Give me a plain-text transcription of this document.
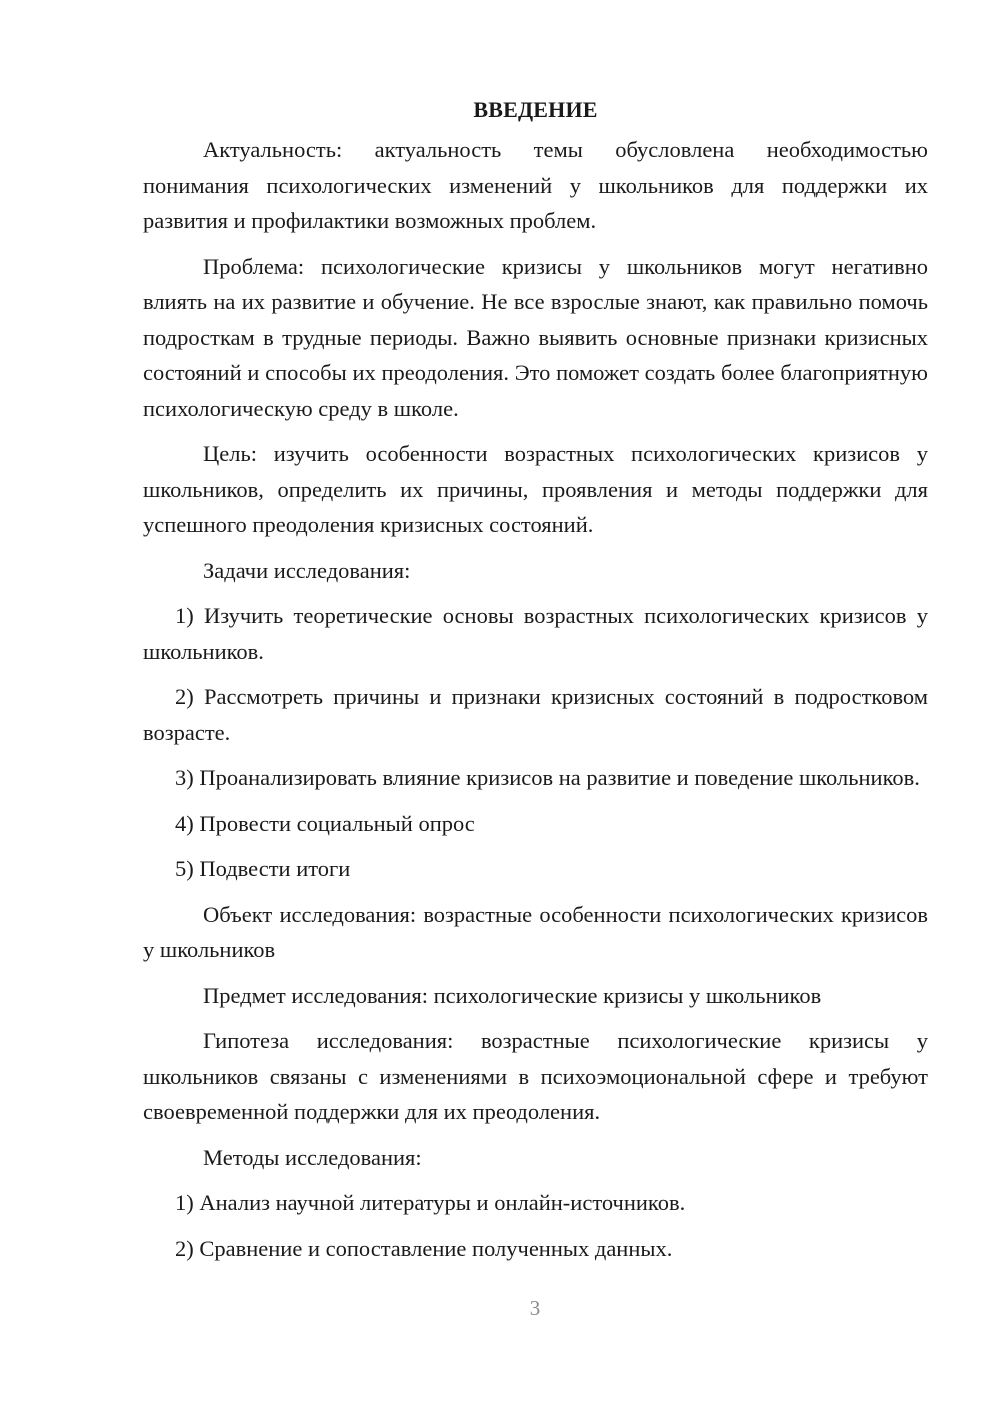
ВВЕДЕНИЕ

Актуальность: актуальность темы обусловлена необходимостью понимания психологических изменений у школьников для поддержки их развития и профилактики возможных проблем.

Проблема: психологические кризисы у школьников могут негативно влиять на их развитие и обучение. Не все взрослые знают, как правильно помочь подросткам в трудные периоды. Важно выявить основные признаки кризисных состояний и способы их преодоления. Это поможет создать более благоприятную психологическую среду в школе.

Цель: изучить особенности возрастных психологических кризисов у школьников, определить их причины, проявления и методы поддержки для успешного преодоления кризисных состояний.

Задачи исследования:

1) Изучить теоретические основы возрастных психологических кризисов у школьников.

2) Рассмотреть причины и признаки кризисных состояний в подростковом возрасте.

3) Проанализировать влияние кризисов на развитие и поведение школьников.

4) Провести социальный опрос

5) Подвести итоги

Объект исследования: возрастные особенности психологических кризисов у школьников

Предмет исследования: психологические кризисы у школьников

Гипотеза исследования: возрастные психологические кризисы у школьников связаны с изменениями в психоэмоциональной сфере и требуют своевременной поддержки для их преодоления.

Методы исследования:

1) Анализ научной литературы и онлайн-источников.

2) Сравнение и сопоставление полученных данных.

3
